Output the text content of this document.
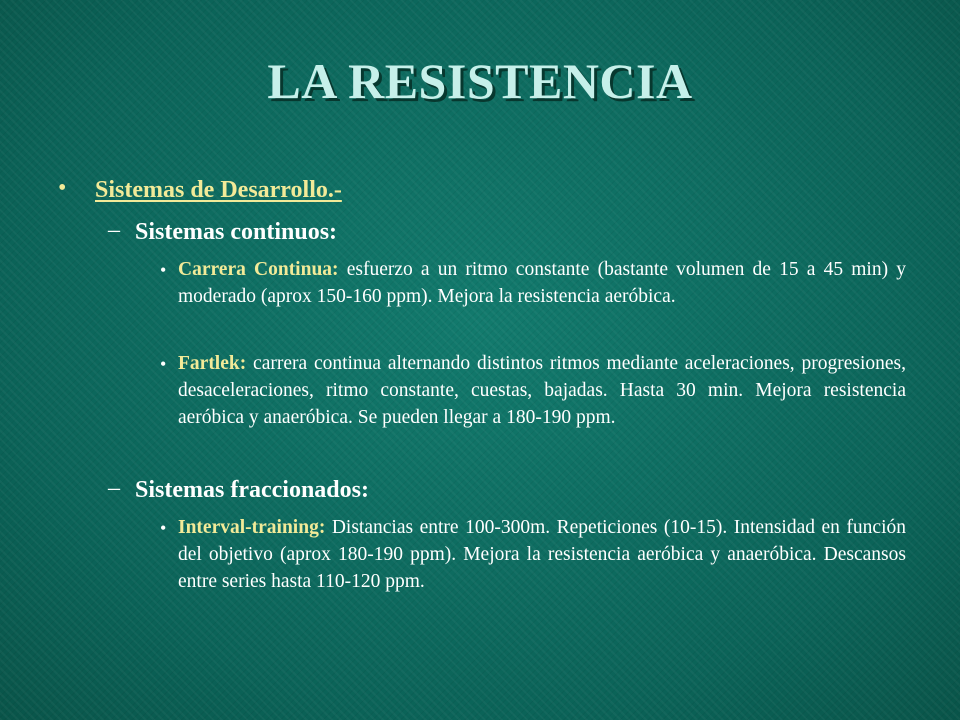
LA RESISTENCIA
• Sistemas de Desarrollo.-
– Sistemas continuos:
• Carrera Continua: esfuerzo a un ritmo constante (bastante volumen de 15 a 45 min) y moderado (aprox 150-160 ppm). Mejora la resistencia aeróbica.

• Fartlek: carrera continua alternando distintos ritmos mediante aceleraciones, progresiones, desaceleraciones, ritmo constante, cuestas, bajadas. Hasta 30 min. Mejora resistencia aeróbica y anaeróbica. Se pueden llegar a 180-190 ppm.

– Sistemas fraccionados:
• Interval-training: Distancias entre 100-300m. Repeticiones (10-15). Intensidad en función del objetivo (aprox 180-190 ppm). Mejora la resistencia aeróbica y anaeróbica. Descansos entre series hasta 110-120 ppm.
